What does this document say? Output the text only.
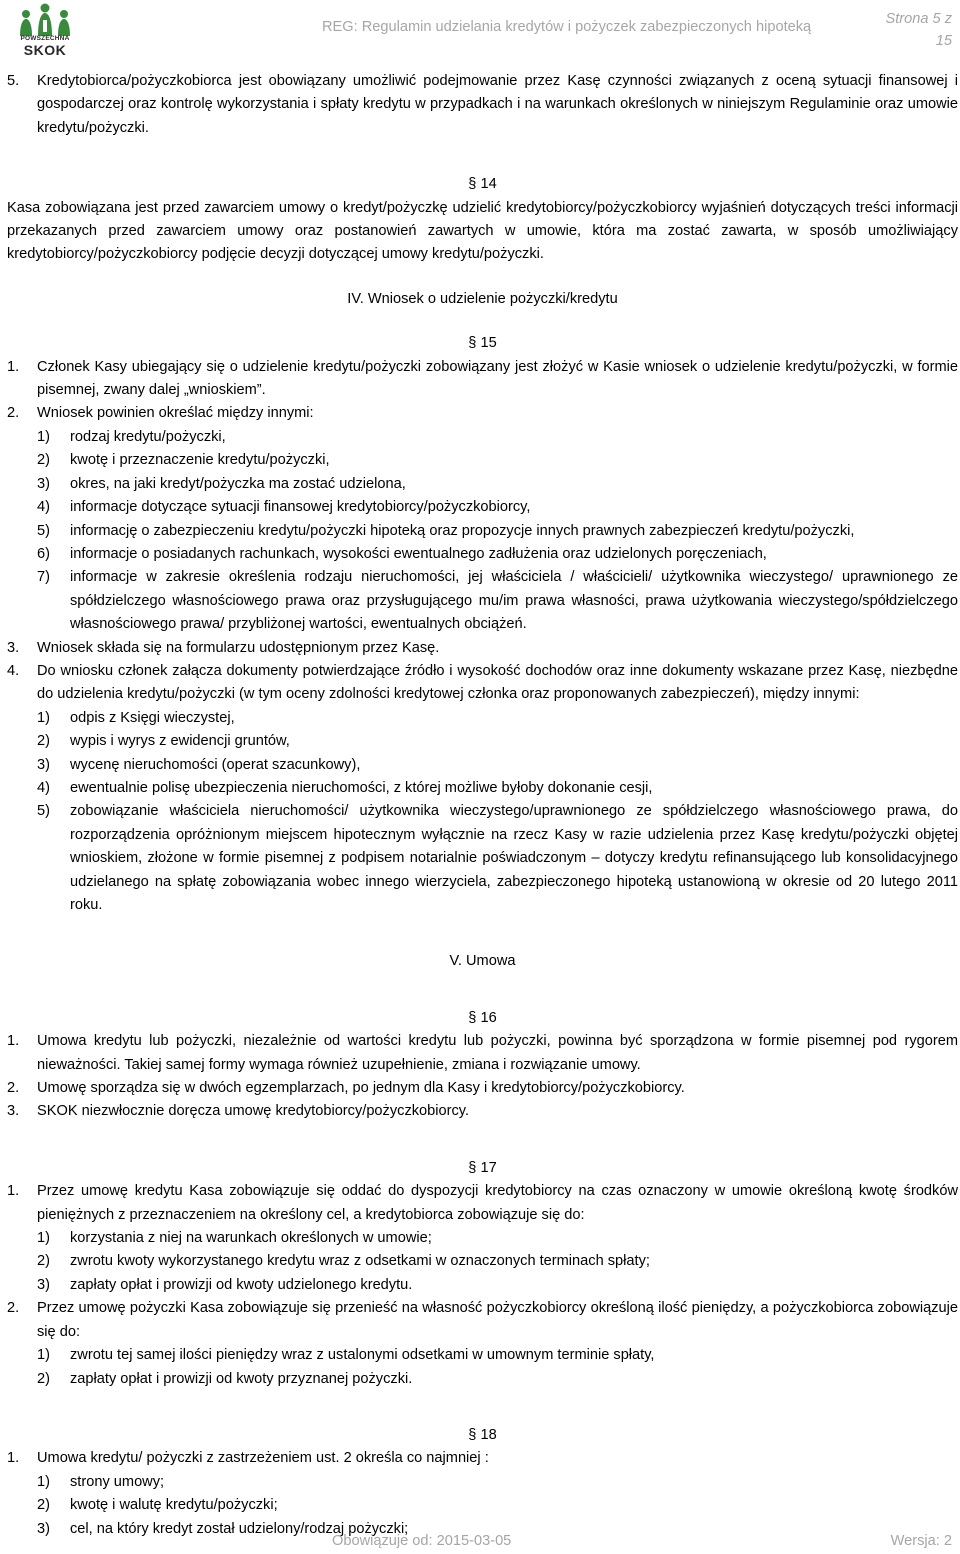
POWSZECHNA
SKOK
REG: Regulamin udzielania kredytów i pożyczek zabezpieczonych hipoteką	Strona 5 z
15
5.	Kredytobiorca/pożyczkobiorca jest obowiązany umożliwić podejmowanie przez Kasę czynności związanych z oceną sytuacji finansowej i gospodarczej oraz kontrolę wykorzystania i spłaty kredytu w przypadkach i na warunkach określonych w niniejszym Regulaminie oraz umowie kredytu/pożyczki.
§ 14

Kasa zobowiązana jest przed zawarciem umowy o kredyt/pożyczkę udzielić kredytobiorcy/pożyczkobiorcy wyjaśnień dotyczących treści informacji przekazanych przed zawarciem umowy oraz postanowień zawartych w umowie, która ma zostać zawarta, w sposób umożliwiający kredytobiorcy/pożyczkobiorcy podjęcie decyzji dotyczącej umowy kredytu/pożyczki.

IV. Wniosek o udzielenie pożyczki/kredytu
§ 15
1.	Członek Kasy ubiegający się o udzielenie kredytu/pożyczki zobowiązany jest złożyć w Kasie wniosek o udzielenie kredytu/pożyczki, w formie pisemnej, zwany dalej „wnioskiem”.
2.	Wniosek powinien określać między innymi:
1)	rodzaj kredytu/pożyczki,
2)	kwotę i przeznaczenie kredytu/pożyczki,
3)	okres, na jaki kredyt/pożyczka ma zostać udzielona,
4)	informacje dotyczące sytuacji finansowej kredytobiorcy/pożyczkobiorcy,
5)	informację o zabezpieczeniu kredytu/pożyczki hipoteką oraz propozycje innych prawnych zabezpieczeń kredytu/pożyczki,
6)	informacje o posiadanych rachunkach, wysokości ewentualnego zadłużenia oraz udzielonych poręczeniach,
7)	informacje w zakresie określenia rodzaju nieruchomości, jej właściciela / właścicieli/ użytkownika wieczystego/ uprawnionego ze spółdzielczego własnościowego prawa oraz przysługującego mu/im prawa własności, prawa użytkowania wieczystego/spółdzielczego własnościowego prawa/ przybliżonej wartości, ewentualnych obciążeń.
3.	Wniosek składa się na formularzu udostępnionym przez Kasę.
4.	Do wniosku członek załącza dokumenty potwierdzające źródło i wysokość dochodów oraz inne dokumenty wskazane przez Kasę, niezbędne do udzielenia kredytu/pożyczki (w tym oceny zdolności kredytowej członka oraz proponowanych zabezpieczeń), między innymi:
1)	odpis z Księgi wieczystej,
2)	wypis i wyrys z ewidencji gruntów,
3)	wycenę nieruchomości (operat szacunkowy),
4)	ewentualnie polisę ubezpieczenia nieruchomości, z której możliwe byłoby dokonanie cesji,
5)	zobowiązanie właściciela nieruchomości/ użytkownika wieczystego/uprawnionego ze spółdzielczego własnościowego prawa, do rozporządzenia opróżnionym miejscem hipotecznym wyłącznie na rzecz Kasy w razie udzielenia przez Kasę kredytu/pożyczki objętej wnioskiem, złożone w formie pisemnej z podpisem notarialnie poświadczonym – dotyczy kredytu refinansującego lub konsolidacyjnego udzielanego na spłatę zobowiązania wobec innego wierzyciela, zabezpieczonego hipoteką ustanowioną w okresie od 20 lutego 2011 roku.
V. Umowa
§ 16
1.	Umowa kredytu lub pożyczki, niezależnie od wartości kredytu lub pożyczki, powinna być sporządzona w formie pisemnej pod rygorem nieważności. Takiej samej formy wymaga również uzupełnienie, zmiana i rozwiązanie umowy.
2.	Umowę sporządza się w dwóch egzemplarzach, po jednym dla Kasy i kredytobiorcy/pożyczkobiorcy.
3.	SKOK niezwłocznie doręcza umowę kredytobiorcy/pożyczkobiorcy.
§ 17
1.	Przez umowę kredytu Kasa zobowiązuje się oddać do dyspozycji kredytobiorcy na czas oznaczony w umowie określoną kwotę środków pieniężnych z przeznaczeniem na określony cel, a kredytobiorca zobowiązuje się do:
1)	korzystania z niej na warunkach określonych w umowie;
2)	zwrotu kwoty wykorzystanego kredytu wraz z odsetkami w oznaczonych terminach spłaty;
3)	zapłaty opłat i prowizji od kwoty udzielonego kredytu.
2.	Przez umowę pożyczki Kasa zobowiązuje się przenieść na własność pożyczkobiorcy określoną ilość pieniędzy, a pożyczkobiorca zobowiązuje się do:
1)	zwrotu tej samej ilości pieniędzy wraz z ustalonymi odsetkami w umownym terminie spłaty,
2)	zapłaty opłat i prowizji od kwoty przyznanej pożyczki.
§ 18
1.	Umowa kredytu/ pożyczki z zastrzeżeniem ust. 2 określa co najmniej :
1)	strony umowy;
2)	kwotę i walutę kredytu/pożyczki;
3)	cel, na który kredyt został udzielony/rodzaj pożyczki;
Obowiązuje od: 2015-03-05	Wersja: 2
